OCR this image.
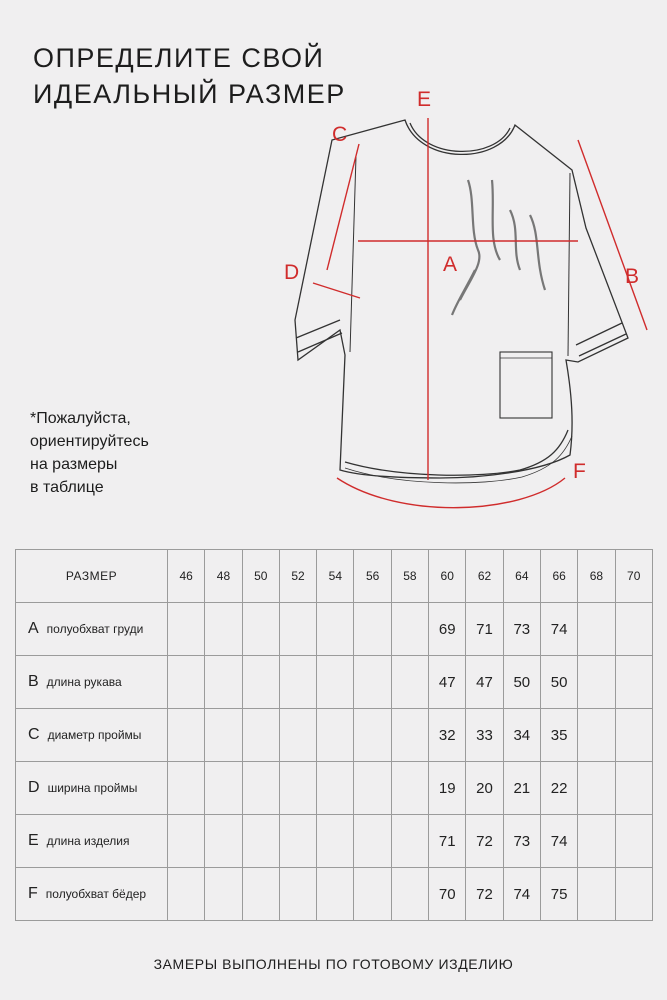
ОПРЕДЕЛИТЕ СВОЙ
ИДЕАЛЬНЫЙ РАЗМЕР
*Пожалуйста,
ориентируйтесь
на размеры
в таблице
E
A
B
C
D
F
РАЗМЕР	46	48	50	52	54	56	58	60	62	64	66	68	70
A полуобхват груди								69	71	73	74		
B длина рукава								47	47	50	50		
C диаметр проймы								32	33	34	35		
D ширина проймы								19	20	21	22		
E длина изделия								71	72	73	74		
F полуобхват бёдер								70	72	74	75		
ЗАМЕРЫ ВЫПОЛНЕНЫ ПО ГОТОВОМУ ИЗДЕЛИЮ
